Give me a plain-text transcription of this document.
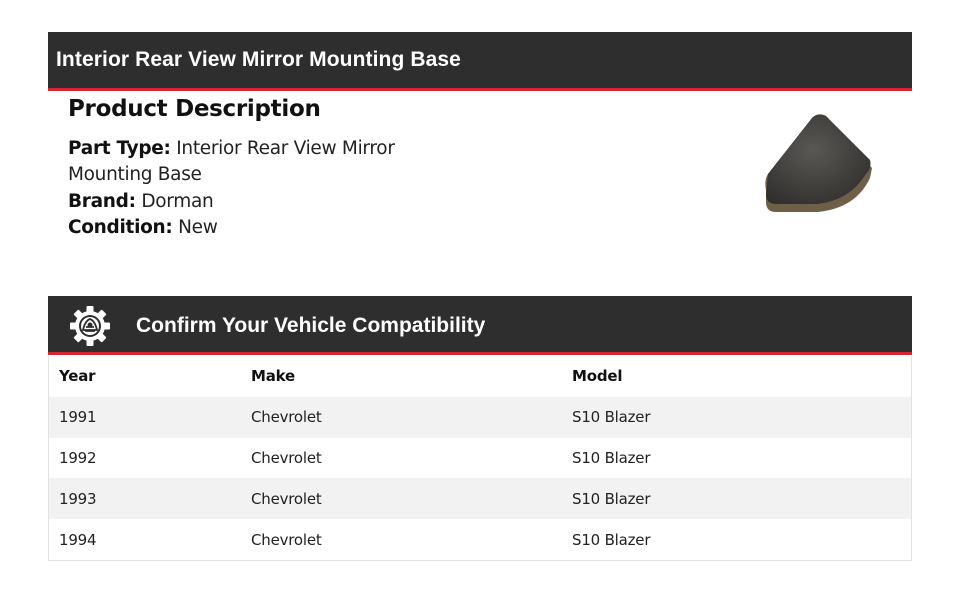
Interior Rear View Mirror Mounting Base
Product Description

Part Type: Interior Rear View Mirror Mounting Base

Brand: Dorman

Condition: New

Confirm Your Vehicle Compatibility
Year	Make	Model
1991	Chevrolet	S10 Blazer
1992	Chevrolet	S10 Blazer
1993	Chevrolet	S10 Blazer
1994	Chevrolet	S10 Blazer
